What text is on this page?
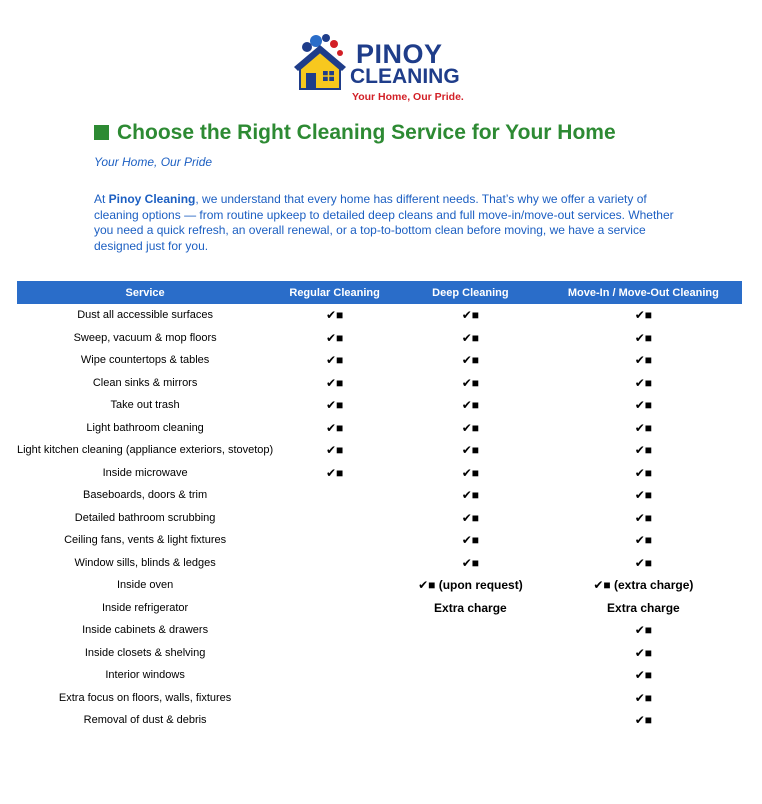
PINOY
CLEANING
Your Home, Our Pride.
Choose the Right Cleaning Service for Your Home
Your Home, Our Pride
At Pinoy Cleaning, we understand that every home has different needs. That’s why we offer a variety of cleaning options — from routine upkeep to detailed deep cleans and full move-in/move-out services. Whether you need a quick refresh, an overall renewal, or a top-to-bottom clean before moving, we have a service designed just for you.
Service	Regular Cleaning	Deep Cleaning	Move-In / Move-Out Cleaning
Dust all accessible surfaces	✔■	✔■	✔■
Sweep, vacuum & mop floors	✔■	✔■	✔■
Wipe countertops & tables	✔■	✔■	✔■
Clean sinks & mirrors	✔■	✔■	✔■
Take out trash	✔■	✔■	✔■
Light bathroom cleaning	✔■	✔■	✔■
Light kitchen cleaning (appliance exteriors, stovetop)	✔■	✔■	✔■
Inside microwave	✔■	✔■	✔■
Baseboards, doors & trim		✔■	✔■
Detailed bathroom scrubbing		✔■	✔■
Ceiling fans, vents & light fixtures		✔■	✔■
Window sills, blinds & ledges		✔■	✔■
Inside oven		✔■ (upon request)	✔■ (extra charge)
Inside refrigerator		Extra charge	Extra charge
Inside cabinets & drawers			✔■
Inside closets & shelving			✔■
Interior windows			✔■
Extra focus on floors, walls, fixtures			✔■
Removal of dust & debris			✔■
